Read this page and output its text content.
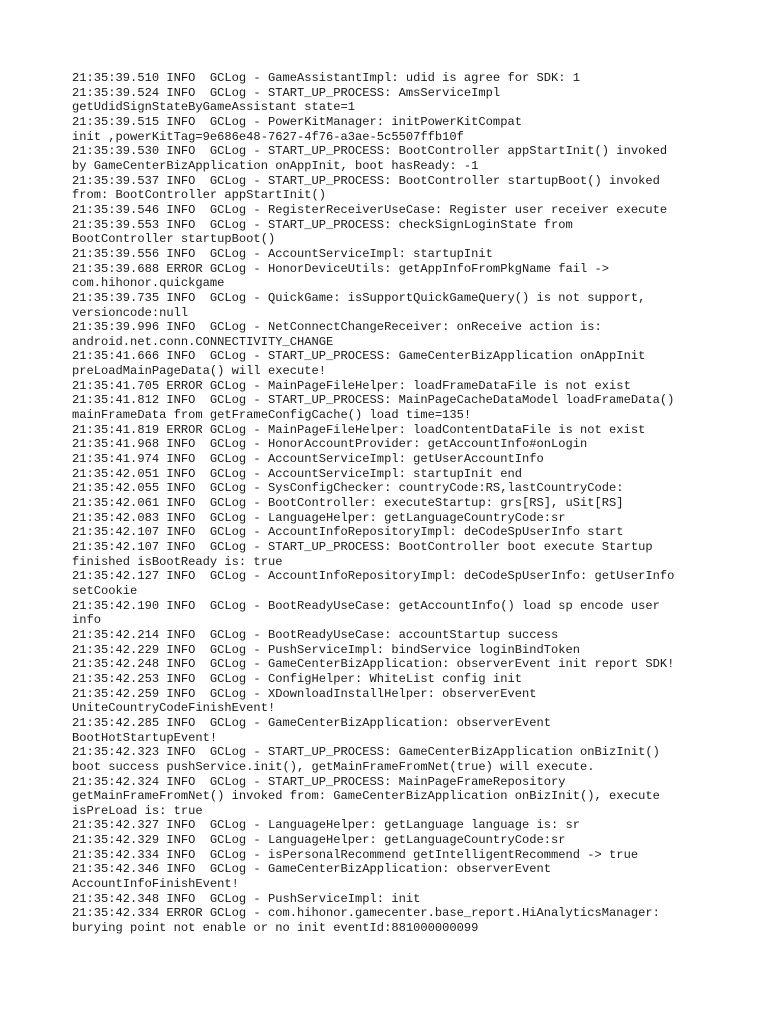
21:35:39.510 INFO  GCLog - GameAssistantImpl: udid is agree for SDK: 1
21:35:39.524 INFO  GCLog - START_UP_PROCESS: AmsServiceImpl
getUdidSignStateByGameAssistant state=1
21:35:39.515 INFO  GCLog - PowerKitManager: initPowerKitCompat
init ,powerKitTag=9e686e48-7627-4f76-a3ae-5c5507ffb10f
21:35:39.530 INFO  GCLog - START_UP_PROCESS: BootController appStartInit() invoked
by GameCenterBizApplication onAppInit, boot hasReady: -1
21:35:39.537 INFO  GCLog - START_UP_PROCESS: BootController startupBoot() invoked
from: BootController appStartInit()
21:35:39.546 INFO  GCLog - RegisterReceiverUseCase: Register user receiver execute
21:35:39.553 INFO  GCLog - START_UP_PROCESS: checkSignLoginState from
BootController startupBoot()
21:35:39.556 INFO  GCLog - AccountServiceImpl: startupInit
21:35:39.688 ERROR GCLog - HonorDeviceUtils: getAppInfoFromPkgName fail ->
com.hihonor.quickgame
21:35:39.735 INFO  GCLog - QuickGame: isSupportQuickGameQuery() is not support,
versioncode:null
21:35:39.996 INFO  GCLog - NetConnectChangeReceiver: onReceive action is:
android.net.conn.CONNECTIVITY_CHANGE
21:35:41.666 INFO  GCLog - START_UP_PROCESS: GameCenterBizApplication onAppInit
preLoadMainPageData() will execute!
21:35:41.705 ERROR GCLog - MainPageFileHelper: loadFrameDataFile is not exist
21:35:41.812 INFO  GCLog - START_UP_PROCESS: MainPageCacheDataModel loadFrameData()
mainFrameData from getFrameConfigCache() load time=135!
21:35:41.819 ERROR GCLog - MainPageFileHelper: loadContentDataFile is not exist
21:35:41.968 INFO  GCLog - HonorAccountProvider: getAccountInfo#onLogin
21:35:41.974 INFO  GCLog - AccountServiceImpl: getUserAccountInfo
21:35:42.051 INFO  GCLog - AccountServiceImpl: startupInit end
21:35:42.055 INFO  GCLog - SysConfigChecker: countryCode:RS,lastCountryCode:
21:35:42.061 INFO  GCLog - BootController: executeStartup: grs[RS], uSit[RS]
21:35:42.083 INFO  GCLog - LanguageHelper: getLanguageCountryCode:sr
21:35:42.107 INFO  GCLog - AccountInfoRepositoryImpl: deCodeSpUserInfo start
21:35:42.107 INFO  GCLog - START_UP_PROCESS: BootController boot execute Startup
finished isBootReady is: true
21:35:42.127 INFO  GCLog - AccountInfoRepositoryImpl: deCodeSpUserInfo: getUserInfo
setCookie
21:35:42.190 INFO  GCLog - BootReadyUseCase: getAccountInfo() load sp encode user
info
21:35:42.214 INFO  GCLog - BootReadyUseCase: accountStartup success
21:35:42.229 INFO  GCLog - PushServiceImpl: bindService loginBindToken
21:35:42.248 INFO  GCLog - GameCenterBizApplication: observerEvent init report SDK!
21:35:42.253 INFO  GCLog - ConfigHelper: WhiteList config init
21:35:42.259 INFO  GCLog - XDownloadInstallHelper: observerEvent
UniteCountryCodeFinishEvent!
21:35:42.285 INFO  GCLog - GameCenterBizApplication: observerEvent
BootHotStartupEvent!
21:35:42.323 INFO  GCLog - START_UP_PROCESS: GameCenterBizApplication onBizInit()
boot success pushService.init(), getMainFrameFromNet(true) will execute.
21:35:42.324 INFO  GCLog - START_UP_PROCESS: MainPageFrameRepository
getMainFrameFromNet() invoked from: GameCenterBizApplication onBizInit(), execute
isPreLoad is: true
21:35:42.327 INFO  GCLog - LanguageHelper: getLanguage language is: sr
21:35:42.329 INFO  GCLog - LanguageHelper: getLanguageCountryCode:sr
21:35:42.334 INFO  GCLog - isPersonalRecommend getIntelligentRecommend -> true
21:35:42.346 INFO  GCLog - GameCenterBizApplication: observerEvent
AccountInfoFinishEvent!
21:35:42.348 INFO  GCLog - PushServiceImpl: init
21:35:42.334 ERROR GCLog - com.hihonor.gamecenter.base_report.HiAnalyticsManager:
burying point not enable or no init eventId:881000000099
